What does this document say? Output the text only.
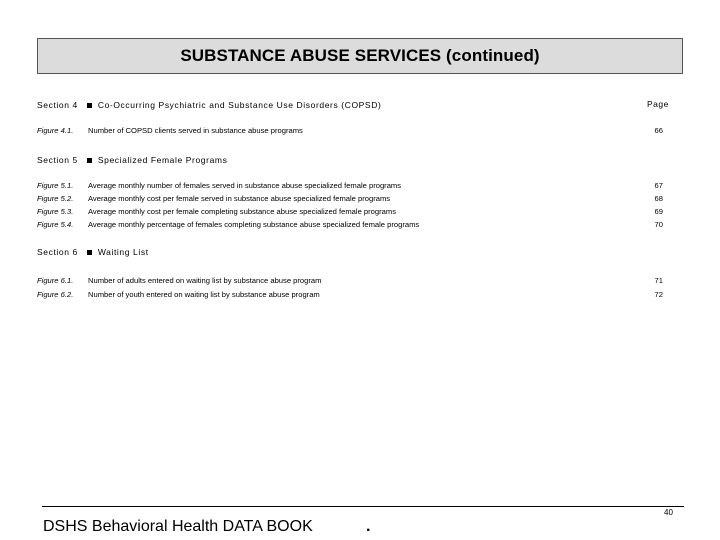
SUBSTANCE ABUSE SERVICES (continued)
Page
Section 4 Co-Occurring Psychiatric and Substance Use Disorders (COPSD)
Figure 4.1. Number of COPSD clients served in substance abuse programs	66
Section 5 Specialized Female Programs
Figure 5.1. Average monthly number of females served in substance abuse specialized female programs	67
Figure 5.2. Average monthly cost per female served in substance abuse specialized female programs	68
Figure 5.3. Average monthly cost per female completing substance abuse specialized female programs	69
Figure 5.4. Average monthly percentage of females completing substance abuse specialized female programs	70
Section 6 Waiting List
Figure 6.1. Number of adults entered on waiting list by substance abuse program	71
Figure 6.2. Number of youth entered on waiting list by substance abuse program	72
40
DSHS Behavioral Health DATA BOOK	.
